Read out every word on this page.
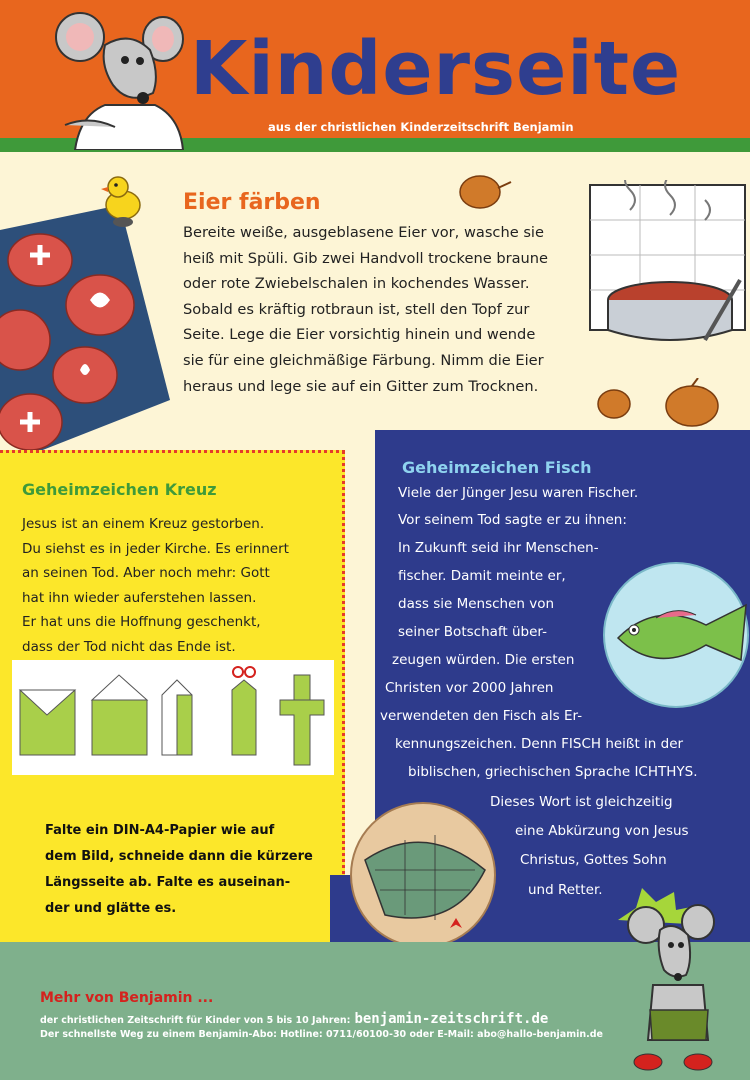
Kinderseite
aus der christlichen Kinderzeitschrift Benjamin
Eier färben
Bereite weiße, ausgeblasene Eier vor, wasche sie
heiß mit Spüli. Gib zwei Handvoll trockene braune
oder rote Zwiebelschalen in kochendes Wasser.
Sobald es kräftig rotbraun ist, stell den Topf zur
Seite. Lege die Eier vorsichtig hinein und wende
sie für eine gleichmäßige Färbung. Nimm die Eier
heraus und lege sie auf ein Gitter zum Trocknen.
Geheimzeichen Kreuz
Jesus ist an einem Kreuz gestorben.
Du siehst es in jeder Kirche. Es erinnert
an seinen Tod. Aber noch mehr: Gott
hat ihn wieder auferstehen lassen.
Er hat uns die Hoffnung geschenkt,
dass der Tod nicht das Ende ist.
Falte ein DIN-A4-Papier wie auf
dem Bild, schneide dann die kürzere
Längsseite ab. Falte es auseinan-
der und glätte es.
Geheimzeichen Fisch
Viele der Jünger Jesu waren Fischer.
Vor seinem Tod sagte er zu ihnen:
In Zukunft seid ihr Menschen-
fischer. Damit meinte er,
dass sie Menschen von
seiner Botschaft über-
zeugen würden. Die ersten
Christen vor 2000 Jahren
verwendeten den Fisch als Er-
kennungszeichen. Denn FISCH heißt in der
biblischen, griechischen Sprache ICHTHYS.
Dieses Wort ist gleichzeitig
eine Abkürzung von Jesus
Christus, Gottes Sohn
und Retter.
Mehr von Benjamin ...
der christlichen Zeitschrift für Kinder von 5 bis 10 Jahren: benjamin-zeitschrift.de
Der schnellste Weg zu einem Benjamin-Abo: Hotline: 0711/60100-30 oder E-Mail: abo@hallo-benjamin.de
